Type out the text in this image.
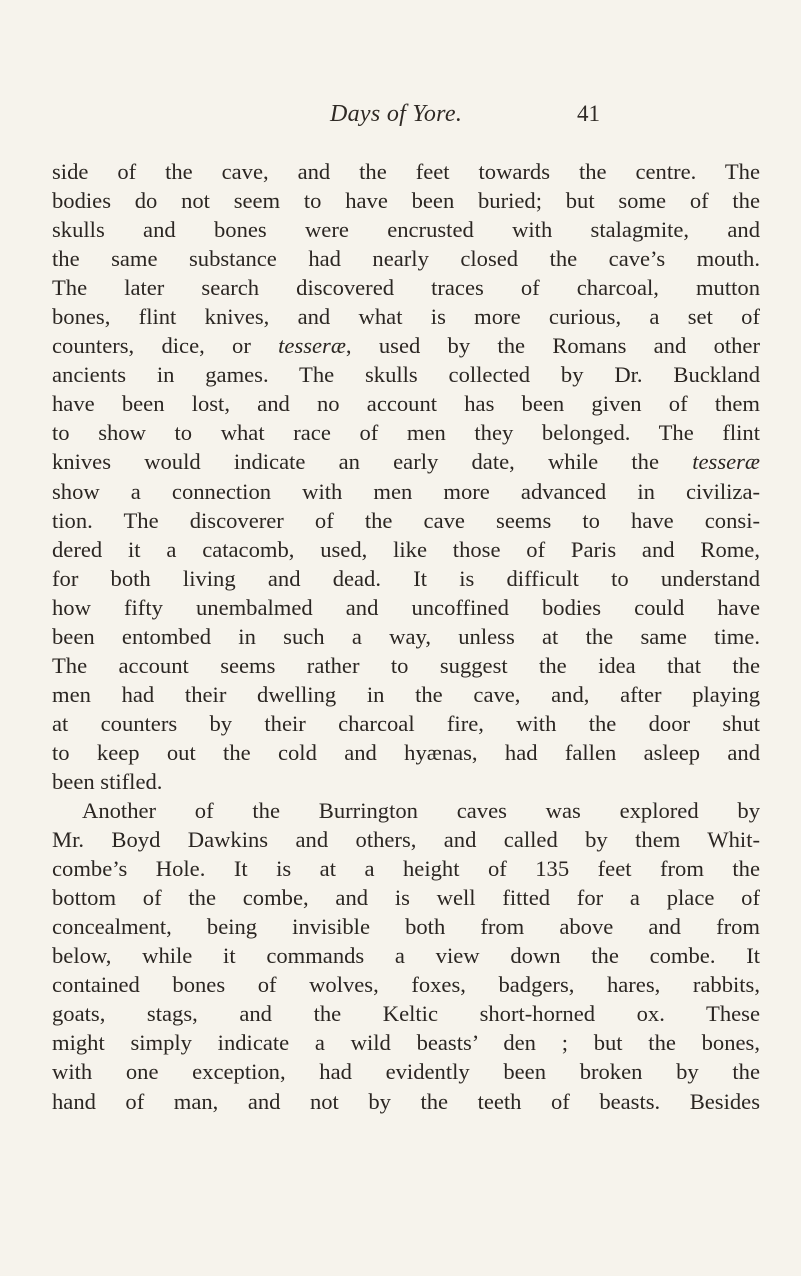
Days of Yore.	41
side of the cave, and the feet towards the centre. The
bodies do not seem to have been buried; but some of the
skulls and bones were encrusted with stalagmite, and
the same substance had nearly closed the cave’s mouth.
The later search discovered traces of charcoal, mutton
bones, flint knives, and what is more curious, a set of
counters, dice, or tesseræ, used by the Romans and other
ancients in games. The skulls collected by Dr. Buckland
have been lost, and no account has been given of them
to show to what race of men they belonged. The flint
knives would indicate an early date, while the tesseræ
show a connection with men more advanced in civiliza-
tion. The discoverer of the cave seems to have consi-
dered it a catacomb, used, like those of Paris and Rome,
for both living and dead. It is difficult to understand
how fifty unembalmed and uncoffined bodies could have
been entombed in such a way, unless at the same time.
The account seems rather to suggest the idea that the
men had their dwelling in the cave, and, after playing
at counters by their charcoal fire, with the door shut
to keep out the cold and hyænas, had fallen asleep and
been stifled.
Another of the Burrington caves was explored by
Mr. Boyd Dawkins and others, and called by them Whit-
combe’s Hole. It is at a height of 135 feet from the
bottom of the combe, and is well fitted for a place of
concealment, being invisible both from above and from
below, while it commands a view down the combe. It
contained bones of wolves, foxes, badgers, hares, rabbits,
goats, stags, and the Keltic short-horned ox. These
might simply indicate a wild beasts’ den ; but the bones,
with one exception, had evidently been broken by the
hand of man, and not by the teeth of beasts. Besides
